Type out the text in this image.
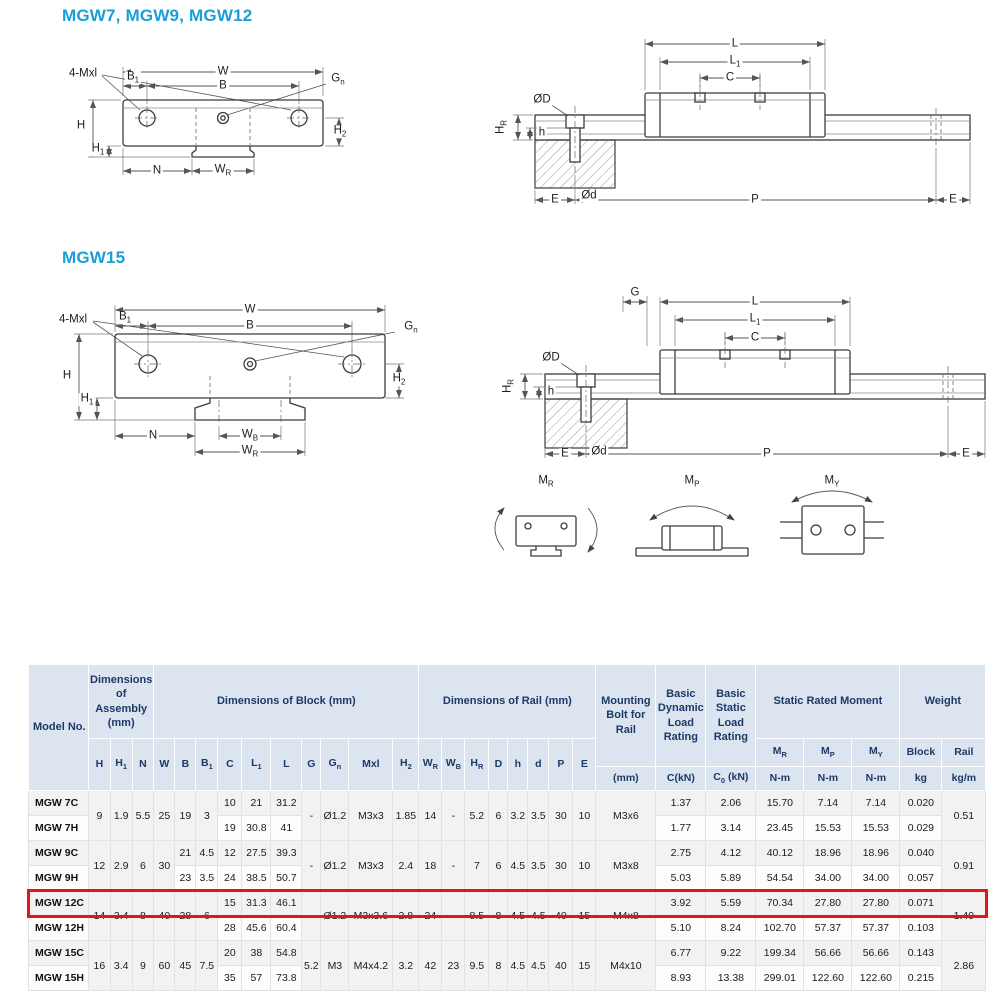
MGW7, MGW9, MGW12
4-Mxl	$B_1$
W
B
$G_n$
H
$H_1$
$H_2$
N	$W_R$
L
$L_1$
C
ØD
Ød
$H_R$
h
E	P	E
MGW15
4-Mxl	$B_1$
W
B	$G_n$
H
$H_1$
$H_2$
N	$W_B$
$W_R$
G
L
$L_1$
C
ØD
Ød
$H_R$
h
E	P	E
$M_R$	$M_P$	$M_Y$
Model No.	Dimensions of Assembly (mm)			Dimensions of Block (mm)										Dimensions of Rail (mm)								Mounting Bolt for Rail	Basic Dynamic Load Rating	Basic Static Load Rating	Static Rated Moment			Weight	
	H	$H_1$	N	W	B	$B_1$	C	$L_1$	L	G	$G_n$	Mxl	$H_2$	$W_R$	$W_B$	$H_R$	D	h	d	P	E				$M_R$	$M_P$	$M_Y$	Block	Rail
																						(mm)	C(kN)	$C_0$ (kN)	N-m	N-m	N-m	kg	kg/m
MGW 7C	9	1.9	5.5	25	19	3	10	21	31.2	-	Ø1.2	M3x3	1.85	14	-	5.2	6	3.2	3.5	30	10	M3x6	1.37	2.06	15.70	7.14	7.14	0.020	0.51
MGW 7H							19	30.8	41														1.77	3.14	23.45	15.53	15.53	0.029	
MGW 9C	12	2.9	6	30	21	4.5	12	27.5	39.3	-	Ø1.2	M3x3	2.4	18	-	7	6	4.5	3.5	30	10	M3x8	2.75	4.12	40.12	18.96	18.96	0.040	0.91
MGW 9H					23	3.5	24	38.5	50.7														5.03	5.89	54.54	34.00	34.00	0.057	
MGW 12C	14	3.4	8	40	28	6	15	31.3	46.1	-	Ø1.2	M3x3.6	2.8	24	-	8.5	8	4.5	4.5	40	15	M4x8	3.92	5.59	70.34	27.80	27.80	0.071	1.49
MGW 12H							28	45.6	60.4														5.10	8.24	102.70	57.37	57.37	0.103	
MGW 15C	16	3.4	9	60	45	7.5	20	38	54.8	5.2	M3	M4x4.2	3.2	42	23	9.5	8	4.5	4.5	40	15	M4x10	6.77	9.22	199.34	56.66	56.66	0.143	2.86
MGW 15H							35	57	73.8														8.93	13.38	299.01	122.60	122.60	0.215	
